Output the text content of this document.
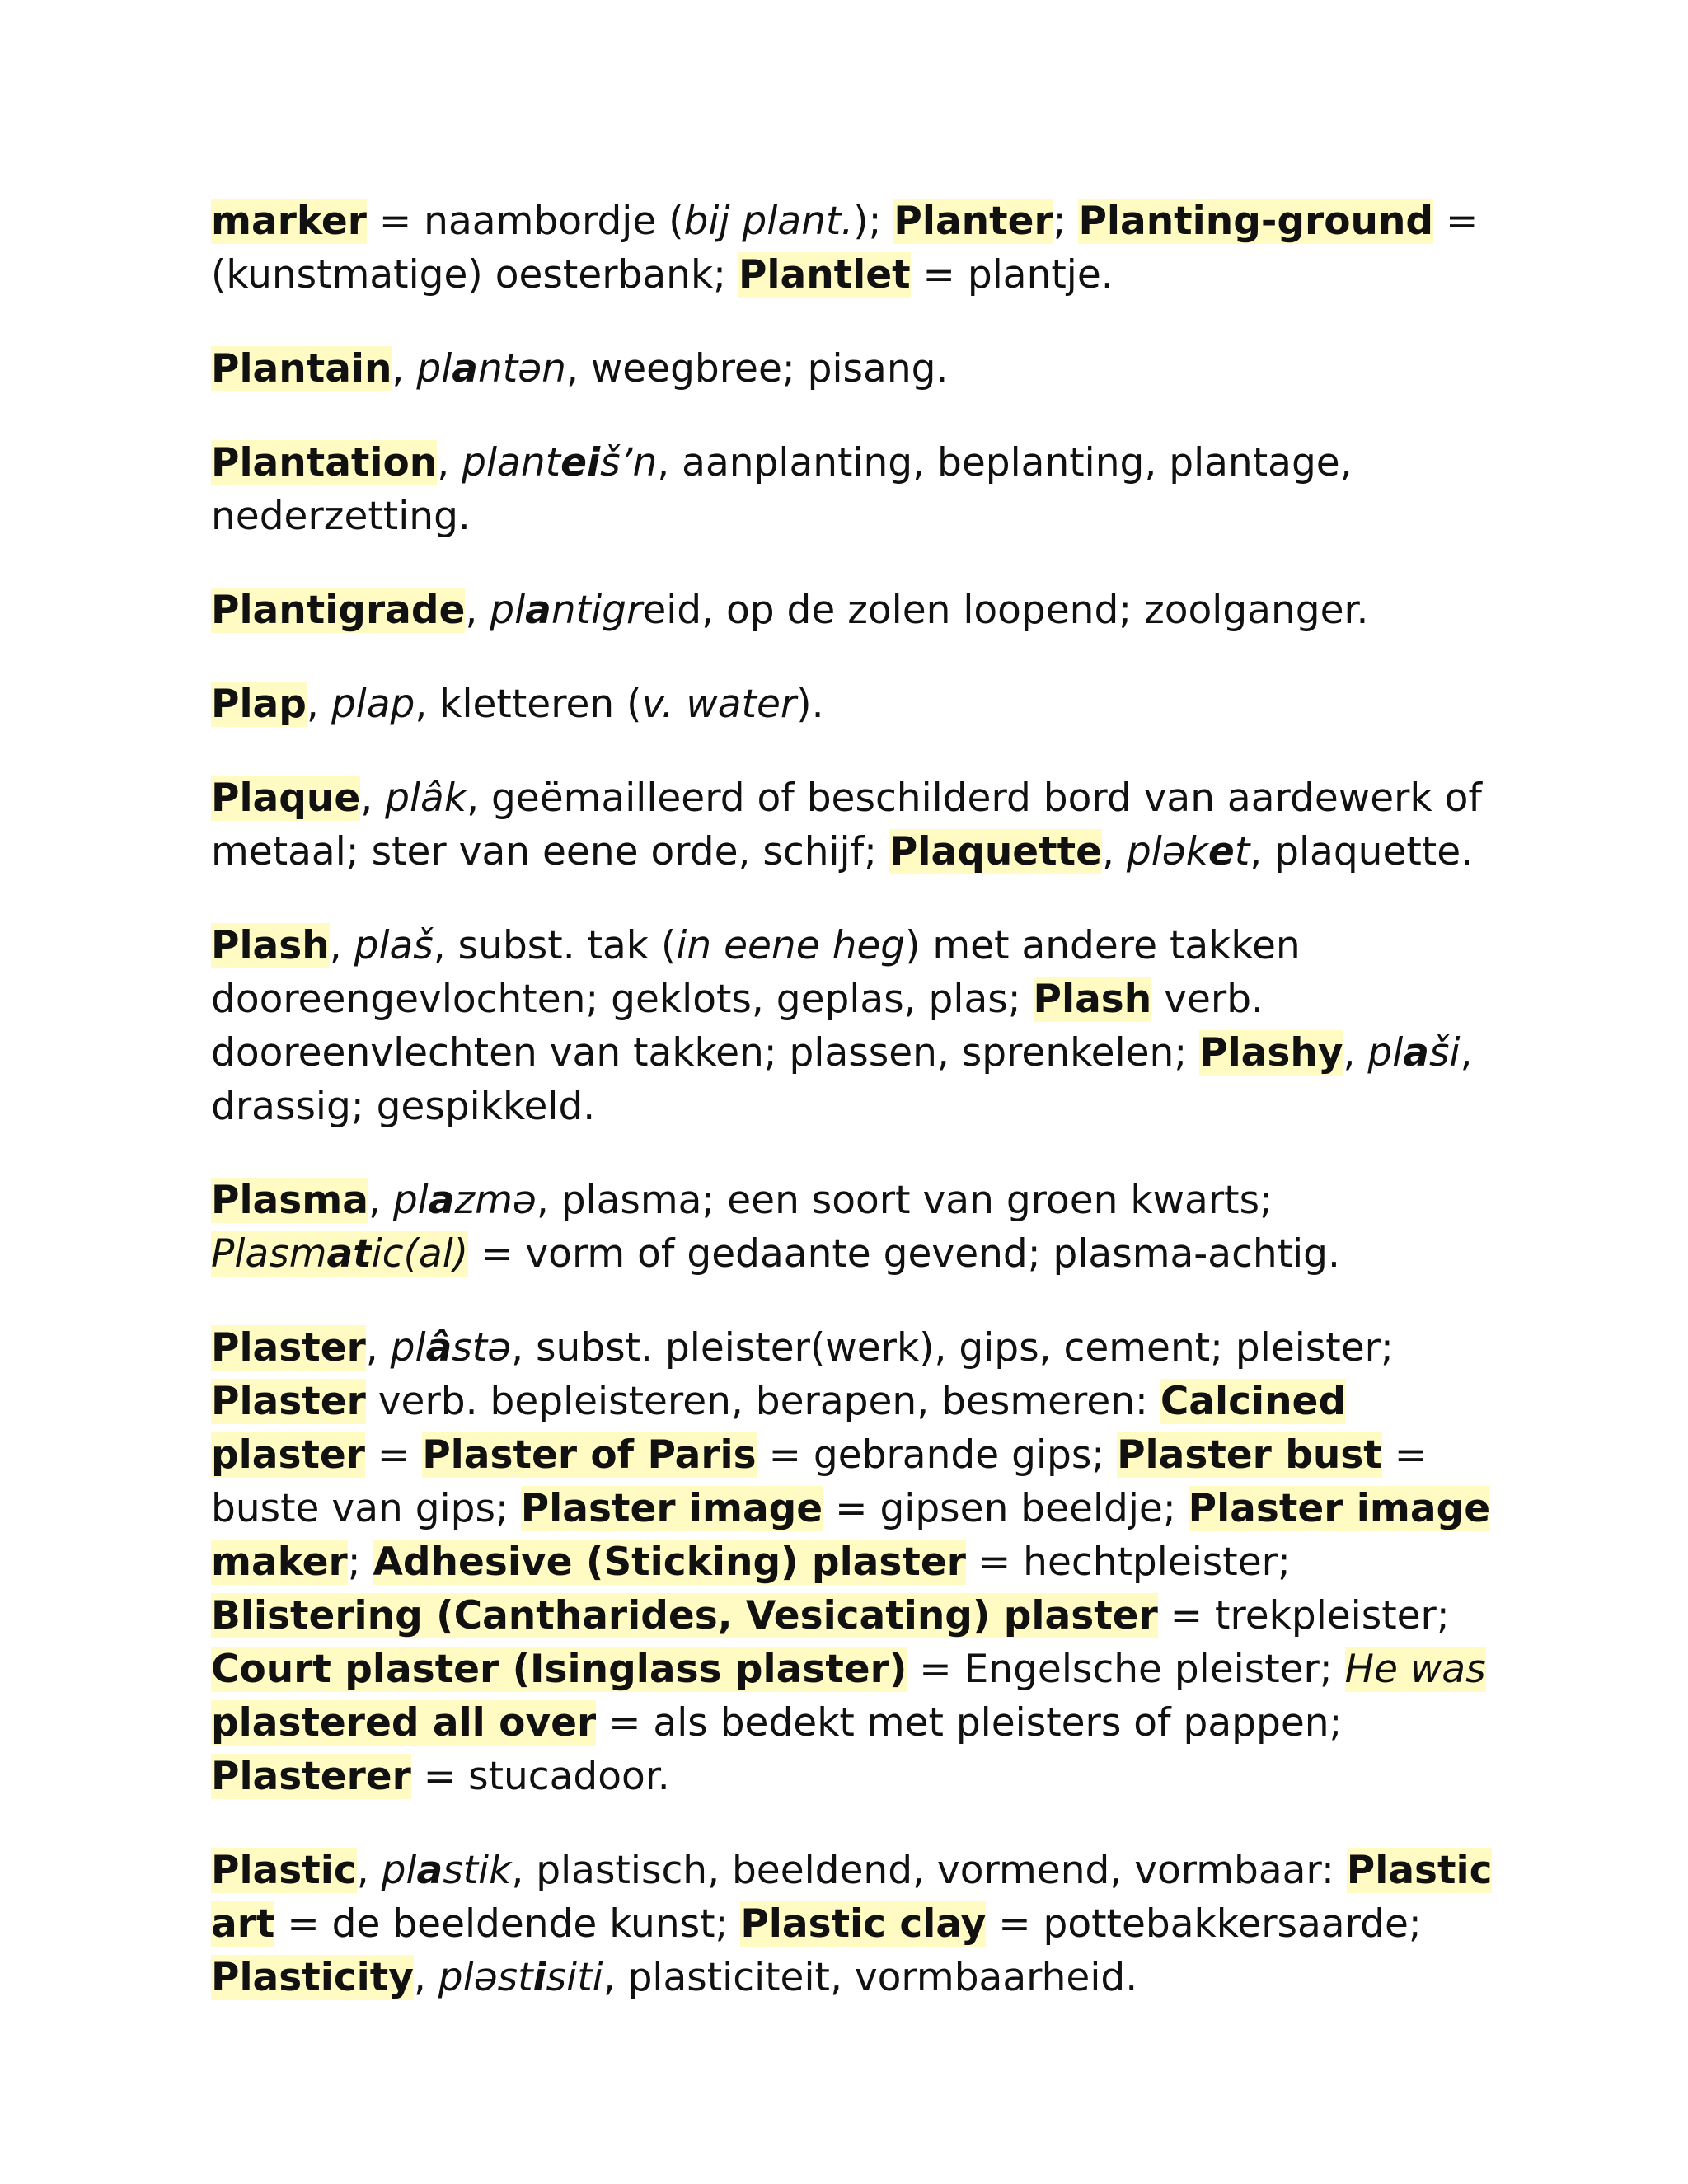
marker = naambordje (bij plant.); Planter; Planting-ground = (kunstmatige) oesterbank; Plantlet = plantje.

Plantain, plantən, weegbree; pisang.

Plantation, planteiš’n, aanplanting, beplanting, plantage, nederzetting.

Plantigrade, plantigreid, op de zolen loopend; zoolganger.

Plap, plap, kletteren (v. water).

Plaque, plâk, geëmailleerd of beschilderd bord van aardewerk of metaal; ster van eene orde, schijf; Plaquette, pləket, plaquette.

Plash, plaš, subst. tak (in eene heg) met andere takken dooreengevlochten; geklots, geplas, plas; Plash verb. dooreenvlechten van takken; plassen, sprenkelen; Plashy, plaši, drassig; gespikkeld.

Plasma, plazmə, plasma; een soort van groen kwarts; Plasmatic(al) = vorm of gedaante gevend; plasma-achtig.

Plaster, plâstə, subst. pleister(werk), gips, cement; pleister; Plaster verb. bepleisteren, berapen, besmeren: Calcined plaster = Plaster of Paris = gebrande gips; Plaster bust = buste van gips; Plaster image = gipsen beeldje; Plaster image maker; Adhesive (Sticking) plaster = hechtpleister; Blistering (Cantharides, Vesicating) plaster = trekpleister; Court plaster (Isinglass plaster) = Engelsche pleister; He was plastered all over = als bedekt met pleisters of pappen; Plasterer = stucadoor.

Plastic, plastik, plastisch, beeldend, vormend, vormbaar: Plastic art = de beeldende kunst; Plastic clay = pottebakkersaarde; Plasticity, pləstisiti, plasticiteit, vormbaarheid.
